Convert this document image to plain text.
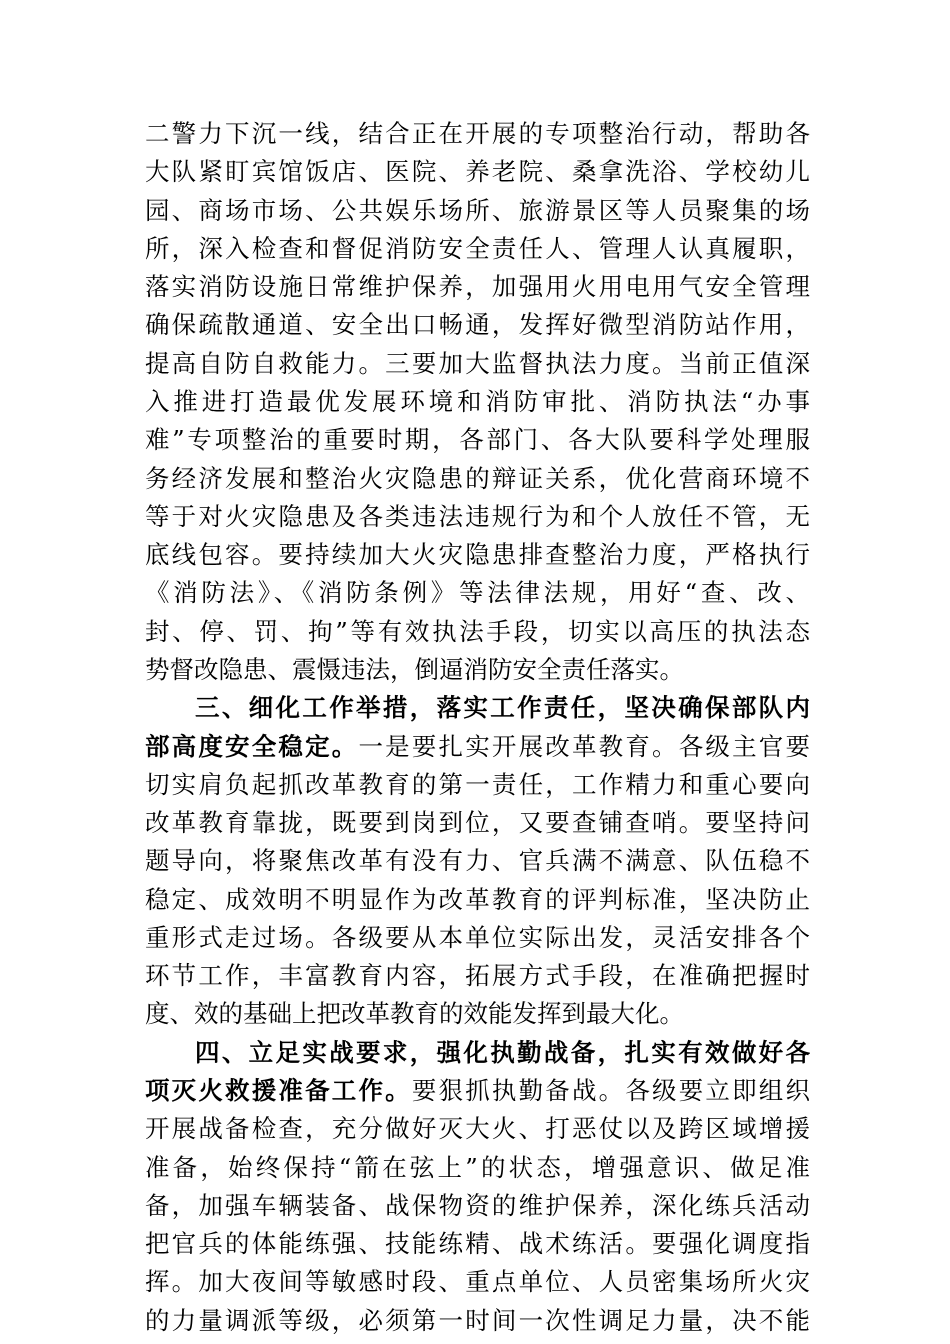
二警力下沉一线，结合正在开展的专项整治行动，帮助各
大队紧盯宾馆饭店、医院、养老院、桑拿洗浴、学校幼儿
园、商场市场、公共娱乐场所、旅游景区等人员聚集的场
所，深入检查和督促消防安全责任人、管理人认真履职，
落实消防设施日常维护保养，加强用火用电用气安全管理
确保疏散通道、安全出口畅通，发挥好微型消防站作用，
提高自防自救能力。三要加大监督执法力度。当前正值深
入推进打造最优发展环境和消防审批、消防执法“办事
难”专项整治的重要时期，各部门、各大队要科学处理服
务经济发展和整治火灾隐患的辩证关系，优化营商环境不
等于对火灾隐患及各类违法违规行为和个人放任不管，无
底线包容。要持续加大火灾隐患排查整治力度，严格执行
《消防法》、《消防条例》等法律法规，用好“查、改、
封、停、罚、拘”等有效执法手段，切实以高压的执法态
势督改隐患、震慑违法，倒逼消防安全责任落实。
三、细化工作举措，落实工作责任，坚决确保部队内
部高度安全稳定。一是要扎实开展改革教育。各级主官要
切实肩负起抓改革教育的第一责任，工作精力和重心要向
改革教育靠拢，既要到岗到位，又要查铺查哨。要坚持问
题导向，将聚焦改革有没有力、官兵满不满意、队伍稳不
稳定、成效明不明显作为改革教育的评判标准，坚决防止
重形式走过场。各级要从本单位实际出发，灵活安排各个
环节工作，丰富教育内容，拓展方式手段，在准确把握时
度、效的基础上把改革教育的效能发挥到最大化。
四、立足实战要求，强化执勤战备，扎实有效做好各
项灭火救援准备工作。要狠抓执勤备战。各级要立即组织
开展战备检查，充分做好灭大火、打恶仗以及跨区域增援
准备，始终保持“箭在弦上”的状态，增强意识、做足准
备，加强车辆装备、战保物资的维护保养，深化练兵活动
把官兵的体能练强、技能练精、战术练活。要强化调度指
挥。加大夜间等敏感时段、重点单位、人员密集场所火灾
的力量调派等级，必须第一时间一次性调足力量，决不能
